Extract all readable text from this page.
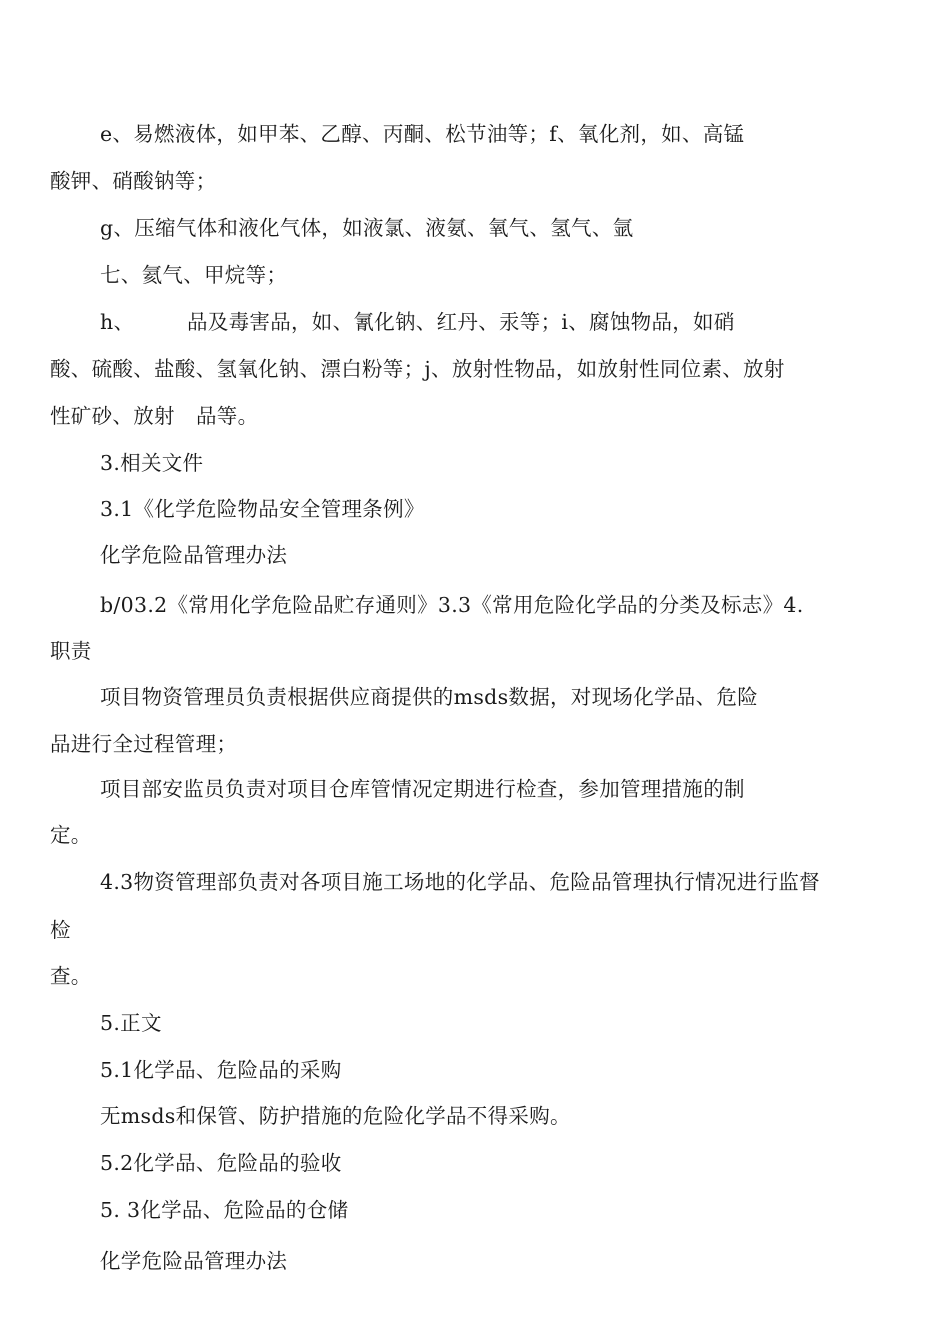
e、易燃液体，如甲苯、乙醇、丙酮、松节油等；f、氧化剂，如、高锰
酸钾、硝酸钠等；
g、压缩气体和液化气体，如液氯、液氨、氧气、氢气、氩
七、氦气、甲烷等；
h、	品及毒害品，如、氰化钠、红丹、汞等；i、腐蚀物品，如硝
酸、硫酸、盐酸、氢氧化钠、漂白粉等；j、放射性物品，如放射性同位素、放射
性矿砂、放射 品等。
3.相关文件
3.1《化学危险物品安全管理条例》
化学危险品管理办法
b/03.2《常用化学危险品贮存通则》3.3《常用危险化学品的分类及标志》4.
职责
项目物资管理员负责根据供应商提供的msds数据，对现场化学品、危险
品进行全过程管理；
项目部安监员负责对项目仓库管情况定期进行检查，参加管理措施的制
定。
4.3物资管理部负责对各项目施工场地的化学品、危险品管理执行情况进行监督
检
查。
5.正文
5.1化学品、危险品的采购
无msds和保管、防护措施的危险化学品不得采购。
5.2化学品、危险品的验收
5. 3化学品、危险品的仓储
化学危险品管理办法
